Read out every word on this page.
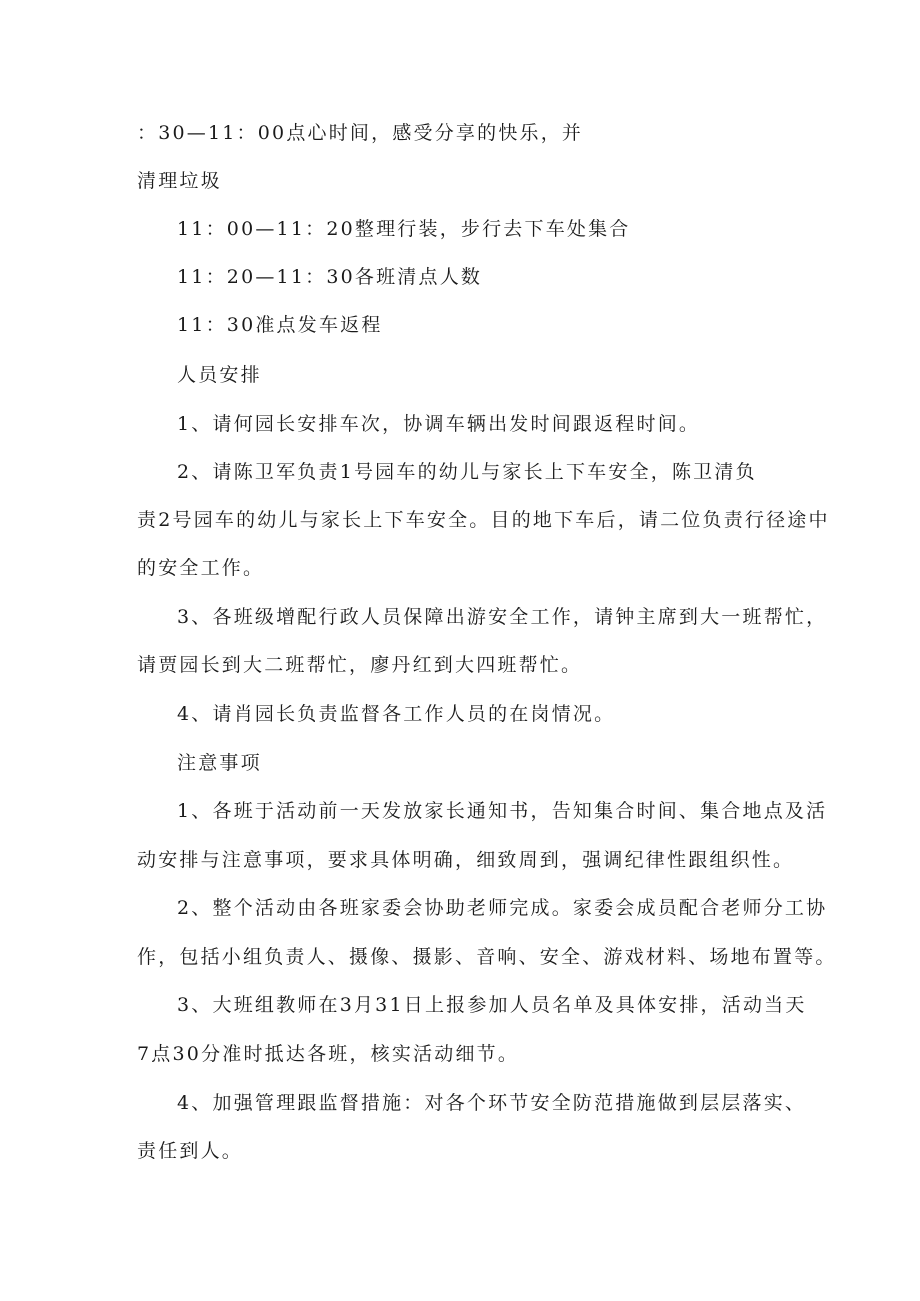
：30—11：00点心时间，感受分享的快乐，并
清理垃圾
11：00—11：20整理行装，步行去下车处集合
11：20—11：30各班清点人数
11：30准点发车返程
人员安排
1、请何园长安排车次，协调车辆出发时间跟返程时间。
2、请陈卫军负责1号园车的幼儿与家长上下车安全，陈卫清负
责2号园车的幼儿与家长上下车安全。目的地下车后，请二位负责行径途中
的安全工作。
3、各班级增配行政人员保障出游安全工作，请钟主席到大一班帮忙，
请贾园长到大二班帮忙，廖丹红到大四班帮忙。
4、请肖园长负责监督各工作人员的在岗情况。
注意事项
1、各班于活动前一天发放家长通知书，告知集合时间、集合地点及活
动安排与注意事项，要求具体明确，细致周到，强调纪律性跟组织性。
2、整个活动由各班家委会协助老师完成。家委会成员配合老师分工协
作，包括小组负责人、摄像、摄影、音响、安全、游戏材料、场地布置等。
3、大班组教师在3月31日上报参加人员名单及具体安排，活动当天
7点30分准时抵达各班，核实活动细节。
4、加强管理跟监督措施：对各个环节安全防范措施做到层层落实、
责任到人。
